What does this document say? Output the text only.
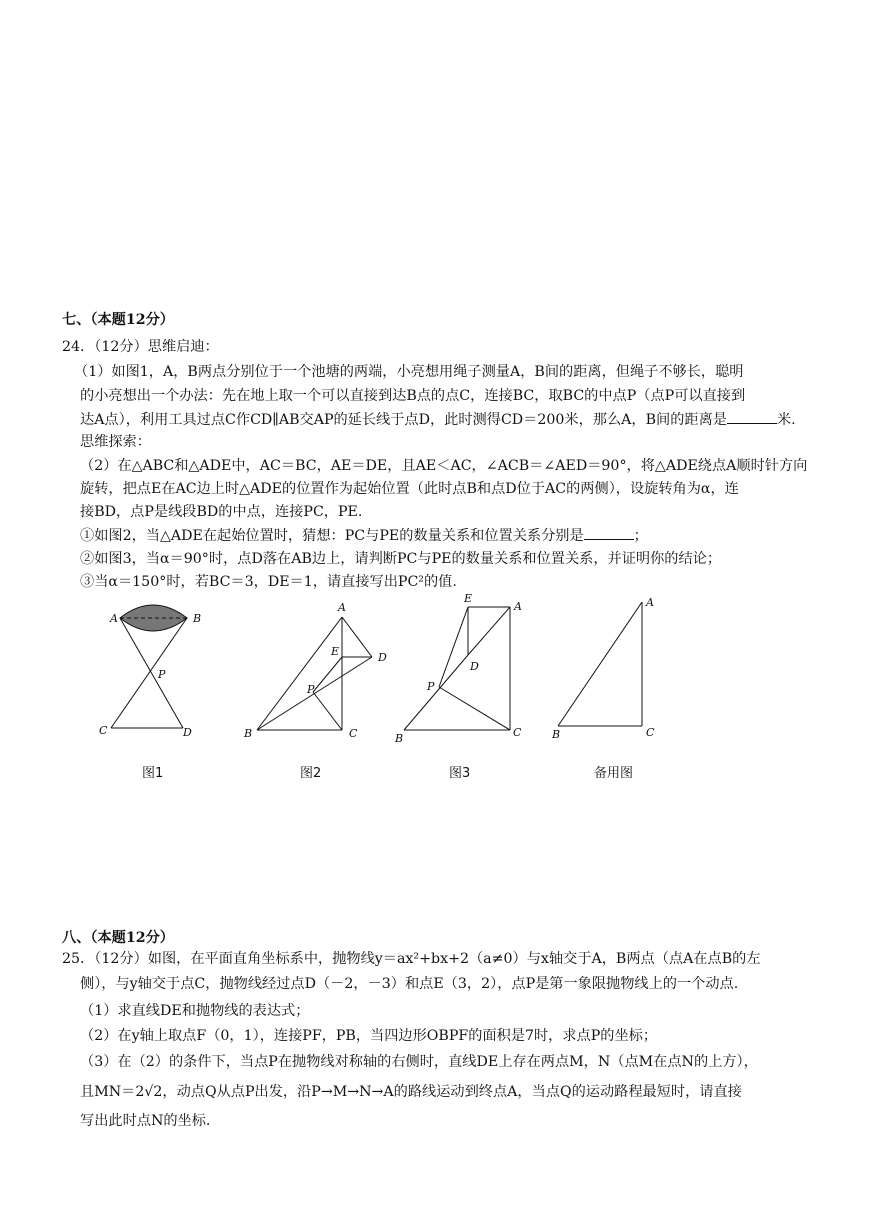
七、（本题12分）
24．（12分）思维启迪：
（1）如图1，A，B两点分别位于一个池塘的两端，小亮想用绳子测量A，B间的距离，但绳子不够长，聪明
的小亮想出一个办法：先在地上取一个可以直接到达B点的点C，连接BC，取BC的中点P（点P可以直接到
达A点），利用工具过点C作CD∥AB交AP的延长线于点D，此时测得CD＝200米，那么A，B间的距离是	米.
思维探索：
（2）在△ABC和△ADE中，AC＝BC，AE＝DE，且AE＜AC，∠ACB＝∠AED＝90°，将△ADE绕点A顺时针方向
旋转，把点E在AC边上时△ADE的位置作为起始位置（此时点B和点D位于AC的两侧），设旋转角为α，连
接BD，点P是线段BD的中点，连接PC，PE.
①如图2，当△ADE在起始位置时，猜想：PC与PE的数量关系和位置关系分别是	；
②如图3，当α＝90°时，点D落在AB边上，请判断PC与PE的数量关系和位置关系，并证明你的结论；
③当α＝150°时，若BC＝3，DE＝1，请直接写出PC²的值.
A	B
P
C	D
A
E	D
P
B	C
E
A
D
P
B	C
A
B	C
图1	图2	图3	备用图
八、（本题12分）
25．（12分）如图，在平面直角坐标系中，抛物线y＝ax²+bx+2（a≠0）与x轴交于A，B两点（点A在点B的左
侧），与y轴交于点C，抛物线经过点D（－2，－3）和点E（3，2），点P是第一象限抛物线上的一个动点.
（1）求直线DE和抛物线的表达式；
（2）在y轴上取点F（0，1），连接PF，PB，当四边形OBPF的面积是7时，求点P的坐标；
（3）在（2）的条件下，当点P在抛物线对称轴的右侧时，直线DE上存在两点M，N（点M在点N的上方），
且MN＝2√2，动点Q从点P出发，沿P→M→N→A的路线运动到终点A，当点Q的运动路程最短时，请直接
写出此时点N的坐标.
